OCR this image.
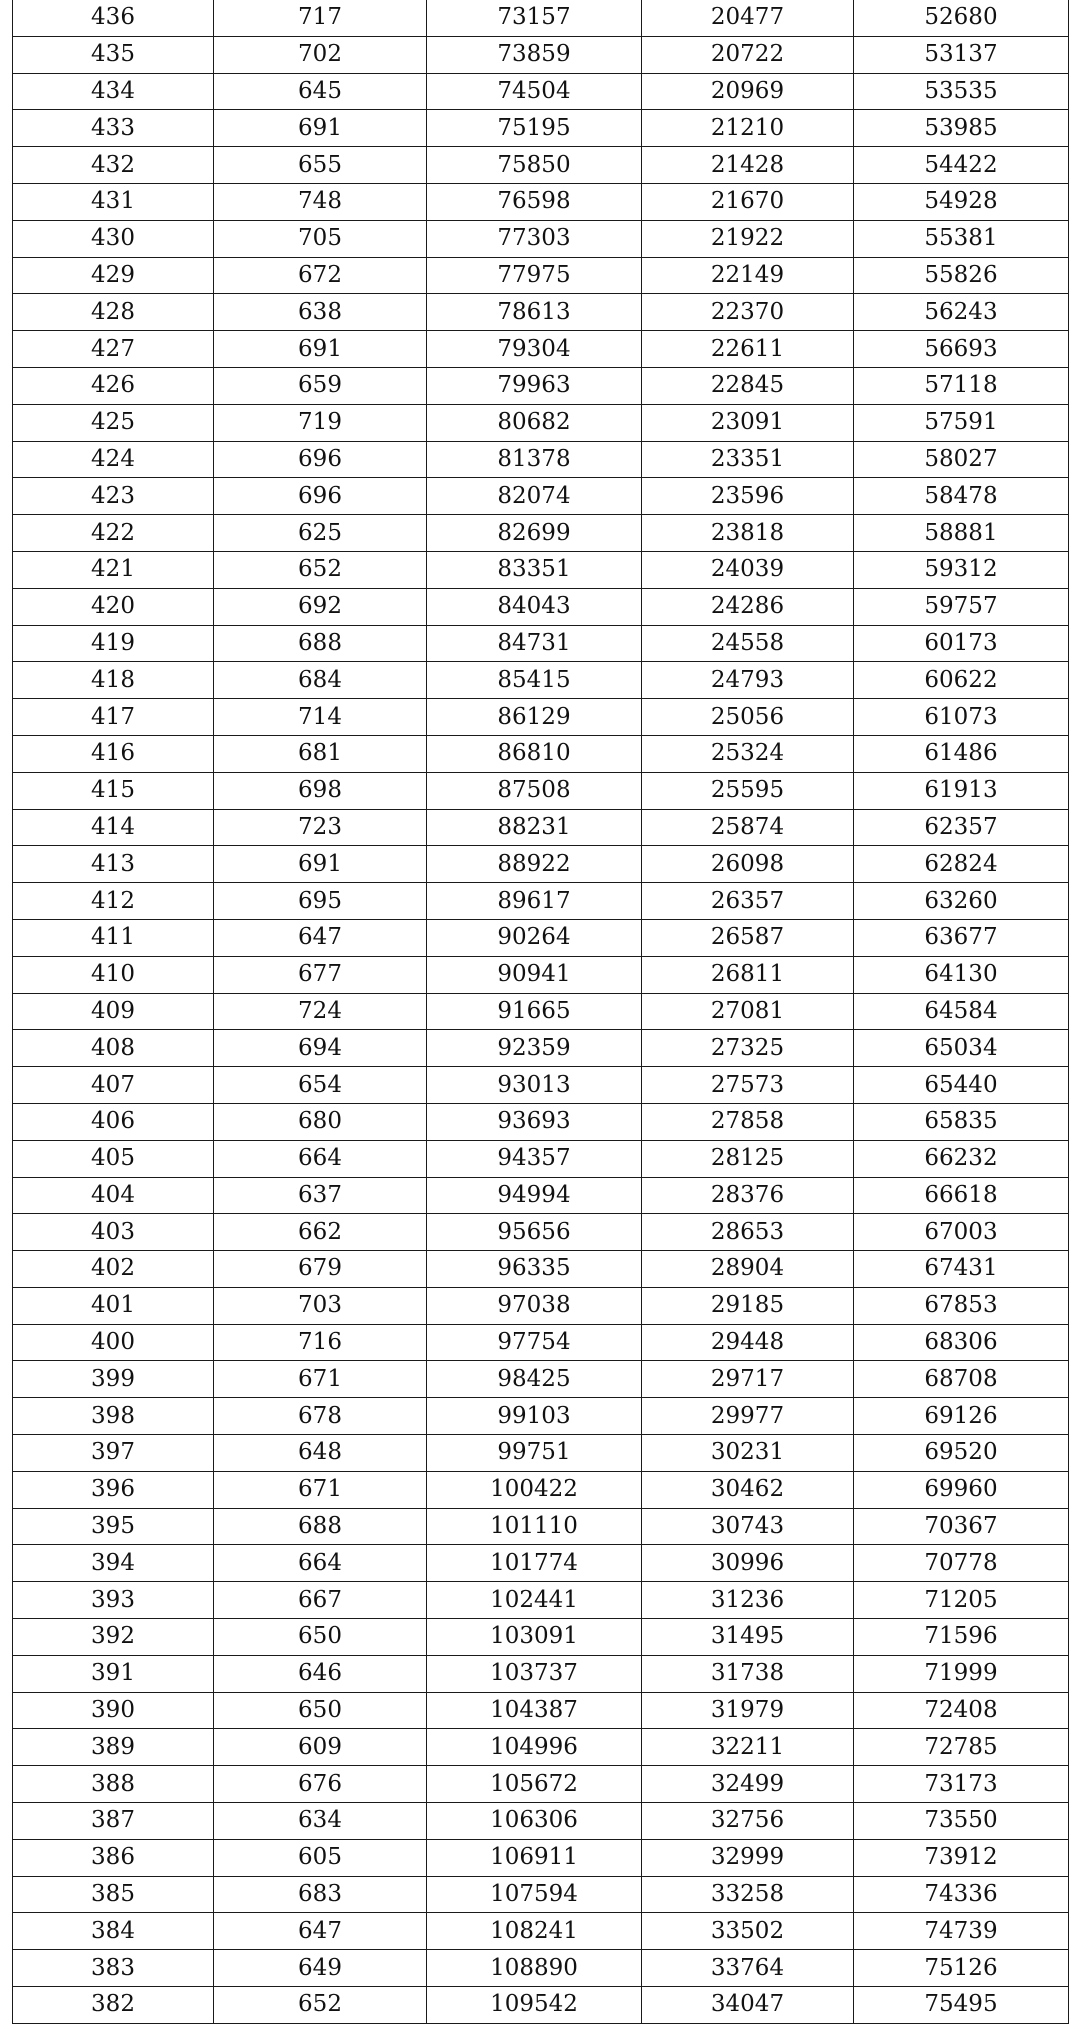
436	717	73157	20477	52680
435	702	73859	20722	53137
434	645	74504	20969	53535
433	691	75195	21210	53985
432	655	75850	21428	54422
431	748	76598	21670	54928
430	705	77303	21922	55381
429	672	77975	22149	55826
428	638	78613	22370	56243
427	691	79304	22611	56693
426	659	79963	22845	57118
425	719	80682	23091	57591
424	696	81378	23351	58027
423	696	82074	23596	58478
422	625	82699	23818	58881
421	652	83351	24039	59312
420	692	84043	24286	59757
419	688	84731	24558	60173
418	684	85415	24793	60622
417	714	86129	25056	61073
416	681	86810	25324	61486
415	698	87508	25595	61913
414	723	88231	25874	62357
413	691	88922	26098	62824
412	695	89617	26357	63260
411	647	90264	26587	63677
410	677	90941	26811	64130
409	724	91665	27081	64584
408	694	92359	27325	65034
407	654	93013	27573	65440
406	680	93693	27858	65835
405	664	94357	28125	66232
404	637	94994	28376	66618
403	662	95656	28653	67003
402	679	96335	28904	67431
401	703	97038	29185	67853
400	716	97754	29448	68306
399	671	98425	29717	68708
398	678	99103	29977	69126
397	648	99751	30231	69520
396	671	100422	30462	69960
395	688	101110	30743	70367
394	664	101774	30996	70778
393	667	102441	31236	71205
392	650	103091	31495	71596
391	646	103737	31738	71999
390	650	104387	31979	72408
389	609	104996	32211	72785
388	676	105672	32499	73173
387	634	106306	32756	73550
386	605	106911	32999	73912
385	683	107594	33258	74336
384	647	108241	33502	74739
383	649	108890	33764	75126
382	652	109542	34047	75495
